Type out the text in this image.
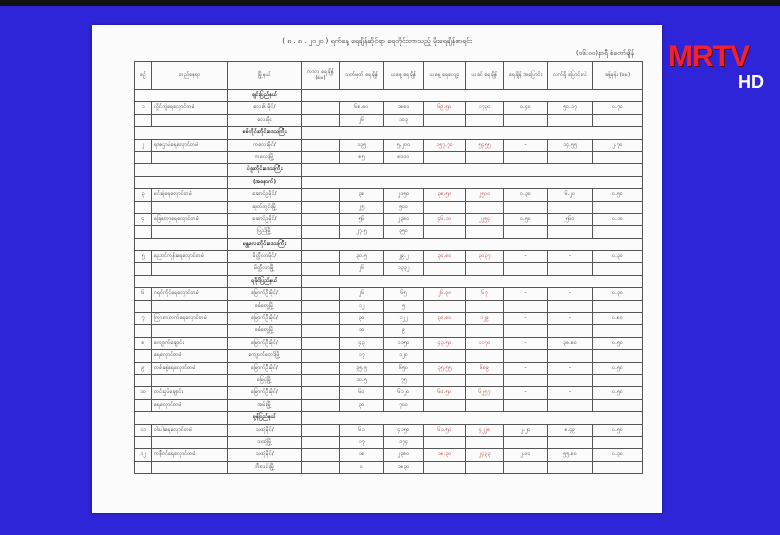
( ၈ . ၈ . ၂၀၂၀ ) ရက်နေ့ ရေချိန်ဆိုင်ရာ ရေတိုင်းတာသည့် မိုးရေချိန်စာရင်း
(၀၆:၀၀)နာရီ စံတော်ချိန်
စဉ်	တည်နေရာ	မြို့နယ်	ကာလ ရေချိန် (စမ)	သတ်မှတ် ရေချိန်	ယနေ့ ရေချိန်	ယနေ့ ရေလျော့	ယခင် ရေချိန်	ရေချိန် အပြောင်း	လက်ရှိ ပြောင်းလဲ	ခန့်မှန်း (စမ)
		ချင်းပြည်နယ်								
၁	လှိုင်ဘွဲရေလှောင်တမံ	လေး၆ မိုင်/		၆၈.၈၀	၁၈၈၀	၆၉.၅၀	၁၇၃၀	၀.၄၀	၅၀.၁၇	၀.၇၀
		လေးဖိုး		၂၆	၁၀၃					
		စစ်ကိုင်းတိုင်းဒေသကြီး								
၂	ရာဇဌာပဲရေလှောင်တမံ	ကလေးမိုင်/		၁၃၅	၅,၂၀၀	၁၅၇.၇၀	၅၄၅၅	-	၁၄.၅၅	၂.၇၀
		ကလေးမြို့		၈၅	၈၀၀၀					
		ပဲခူးတိုင်းဒေသကြီး								
		(အနောက်)								
၃	မင်းရဲရေလှောင်တမံ	ဆောင်ဥမိုင်/		၃၈	၂၁၅၀	၃၈.၅၀	၂၅၀၀	၀.၃၀	၆.၂၀	၀.၅၀
		ဆုတ်တွင်းမြို့		၂၅	၅၀၀					
၄	ခြေတော့ရေလှောင်တမံ	ဆောင်ဥမိုင်/		၅၆	၂၃၈၀	၄၆.၁၀	၂၂၅၄	၀.၅၀	၅၆၀	၀.၁၀
		ပြည်မြို့		၂၇.၅	၃၅၀					
		မန္တလေးတိုင်းဒေသကြီး								
၅	ညောင်ကုန်းရေလှောင်တမံ	မိတ္ထီလာမိုင်/		၃၀.၅	၂၉.၂	၃၀.၈၀	၃၀၃၇	-	-	၀.၃၀
		မိတ္ထီလာမြို့		၂၆	၁၃၃၂					
		ရခိုင်ပြည်နယ်								
၆	ဂရုဝ်ကိုင်ရေလှောင်တမံ	မြောက်ဦးမိုင်/		၂၆	၆၅	၂၆.၃၀	၆၇	-	-	၀.၃၀
		စစ်တွေမြို့		၁၂	၅					
၇	ကြားကတက်ရေလှောင်တမံ	မြောက်ဦးမိုင်/		၃၀	၁၂၂	၃၀.၈၀	၁၂၉	-	-	၀.၈၀
		စစ်တွေမြို့		၁၀	၉					
၈	ကျောက်ချောင်း	မြောက်ဦးမိုင်/		၄၃	၁၁၅၀	၄၃.၅၀	၁၁၇၀	-	၃၈.၈၀	၀.၅၀
	ရေလှောင်တမံ	ကျောက်တော်မြို့		၁၇	၁၂၀					
၉	တစ်ခနဲ့ရေလှောင်တမံ	မြောက်ဦးမိုင်/		၃၅.၅	၆၅၀	၃၅.၅၅	၆၈၉	-	-	၀.၅၀
		မြေပုံမြို့		၁၀.၅	၇၅					
၁၀	တင်းဌပ်ချောင်း	မြောက်ဦးမိုင်/		၆၀	၆၁၂၀	၆၀.၅၀	၆၂၅၇	-	-	၀.၅၀
	ရေလှောင်တမံ	အမ်းမြို့		၃၀	၇၀၀					
		မွန်ပြည်နယ်								
၁၁	ဝါးပါးရေလှောင်တမံ	သထုံမိုင်/		၆၁	၄၁၅၀	၆၁.၅၀	၄၂၂၈	၂.၂၀	၈.၄၉	၀.၅၀
		သထုံမြို့		၁၇	၁၇၄					
၁၂	ကနီဝင်ရေလှောင်တမံ	သထုံမိုင်/		၁၈	၂၃၈၀	၁၈.၃၀	၂၄၃၃	၂.၀၀	၅၅.၈၀	၀.၃၀
		ဘီးလင်းမြို့		၀	၁၈၃၀					
MRTV
HD
